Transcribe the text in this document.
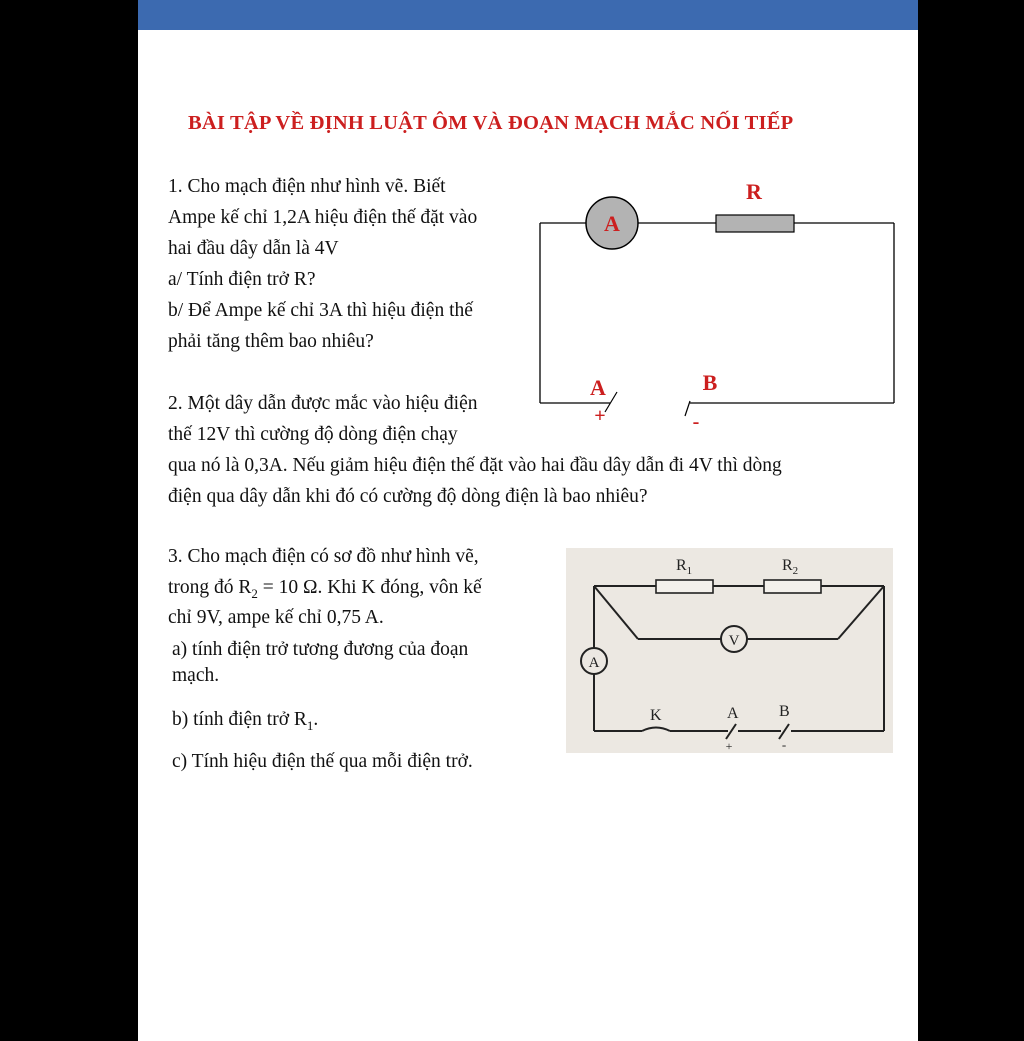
BÀI TẬP VỀ ĐỊNH LUẬT ÔM VÀ ĐOẠN MẠCH MẮC NỐI TIẾP
1. Cho mạch điện như hình vẽ. Biết
Ampe kế chỉ 1,2A hiệu điện thế đặt vào
hai đầu dây dẫn là 4V
a/ Tính điện trở R?
b/ Để Ampe kế chỉ 3A thì hiệu điện thế
phải tăng thêm bao nhiêu?
A
R
A	B
+	-
2. Một dây dẫn được mắc vào hiệu điện
thế 12V thì cường độ dòng điện chạy
qua nó là 0,3A. Nếu giảm hiệu điện thế đặt vào hai đầu dây dẫn đi 4V thì dòng
điện qua dây dẫn khi đó có cường độ dòng điện là bao nhiêu?
3. Cho mạch điện có sơ đồ như hình vẽ,
trong đó $R_2 = 10$ Ω. Khi K đóng, vôn kế
chỉ 9V, ampe kế chỉ 0,75 A.
a) tính điện trở tương đương của đoạn
mạch.
b) tính điện trở $R_1$.
c) Tính hiệu điện thế qua mỗi điện trở.
V
A
$R_1$	$R_2$
K	A	B
+	-
